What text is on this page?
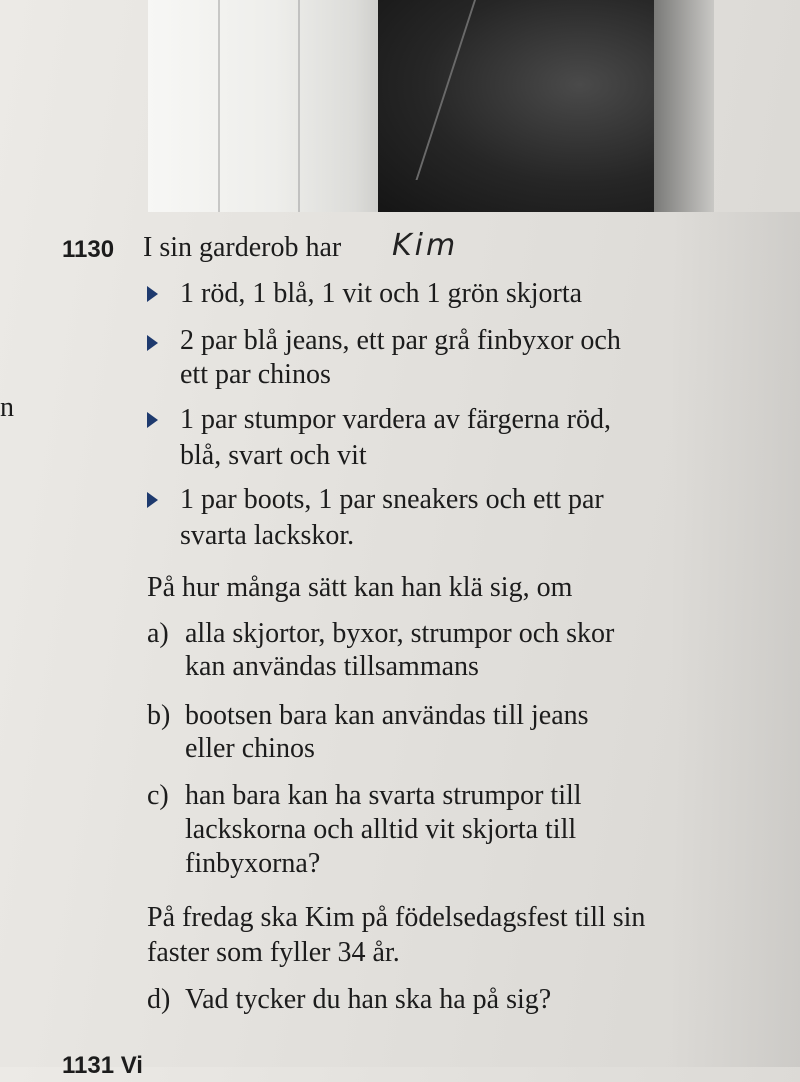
n
1130 I sin garderob har Kim
1 röd, 1 blå, 1 vit och 1 grön skjorta
2 par blå jeans, ett par grå finbyxor och
ett par chinos
1 par stumpor vardera av färgerna röd,
blå, svart och vit
1 par boots, 1 par sneakers och ett par
svarta lackskor.
På hur många sätt kan han klä sig, om
a) alla skjortor, byxor, strumpor och skor
kan användas tillsammans
b) bootsen bara kan användas till jeans
eller chinos
c) han bara kan ha svarta strumpor till
lackskorna och alltid vit skjorta till
finbyxorna?
På fredag ska Kim på födelsedagsfest till sin
faster som fyller 34 år.
d) Vad tycker du han ska ha på sig?
1131 Vi
